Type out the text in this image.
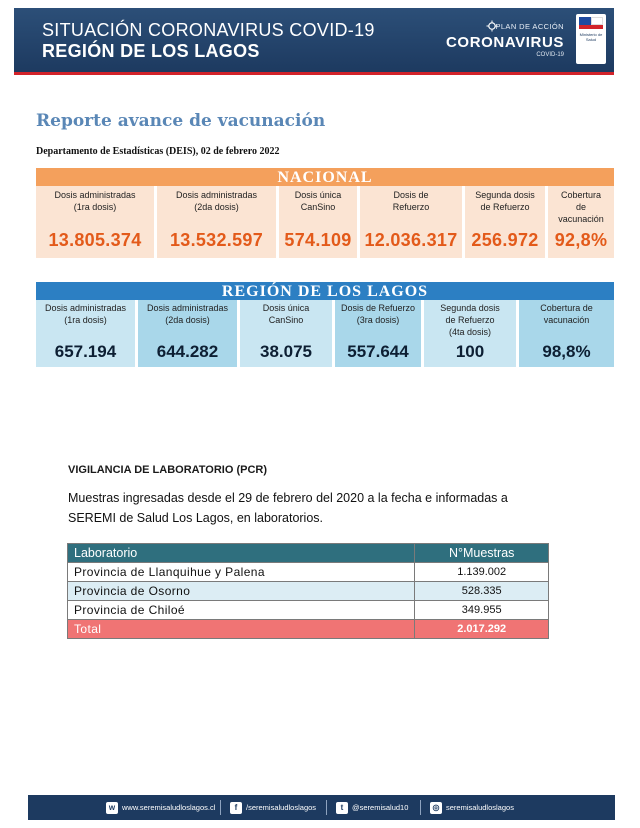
SITUACIÓN CORONAVIRUS COVID-19
REGIÓN DE LOS LAGOS
PLAN DE ACCIÓN
CORONAVIRUS
COVID-19
Ministerio de Salud
Reporte avance de vacunación
Departamento de Estadísticas (DEIS), 02 de febrero 2022
NACIONAL
Dosis administradas
(1ra dosis)
13.805.374
Dosis administradas
(2da dosis)
13.532.597
Dosis única
CanSino
574.109
Dosis de
Refuerzo
12.036.317
Segunda dosis
de Refuerzo
256.972
Cobertura
de
vacunación
92,8%
REGIÓN DE LOS LAGOS
Dosis administradas
(1ra dosis)
657.194
Dosis administradas
(2da dosis)
644.282
Dosis única
CanSino
38.075
Dosis de Refuerzo
(3ra dosis)
557.644
Segunda dosis
de Refuerzo
(4ta dosis)
100
Cobertura de
vacunación
98,8%
VIGILANCIA DE LABORATORIO (PCR)
Muestras ingresadas desde el 29 de febrero del 2020 a la fecha e informadas a SEREMI de Salud Los Lagos, en laboratorios.
Laboratorio	N°Muestras
Provincia de Llanquihue y Palena	1.139.002
Provincia de Osorno	528.335
Provincia de Chiloé	349.955
Total	2.017.292
w www.seremisaludloslagos.cl	f	/seremisaludloslagos	t	@seremisalud10	◎ seremisaludloslagos
